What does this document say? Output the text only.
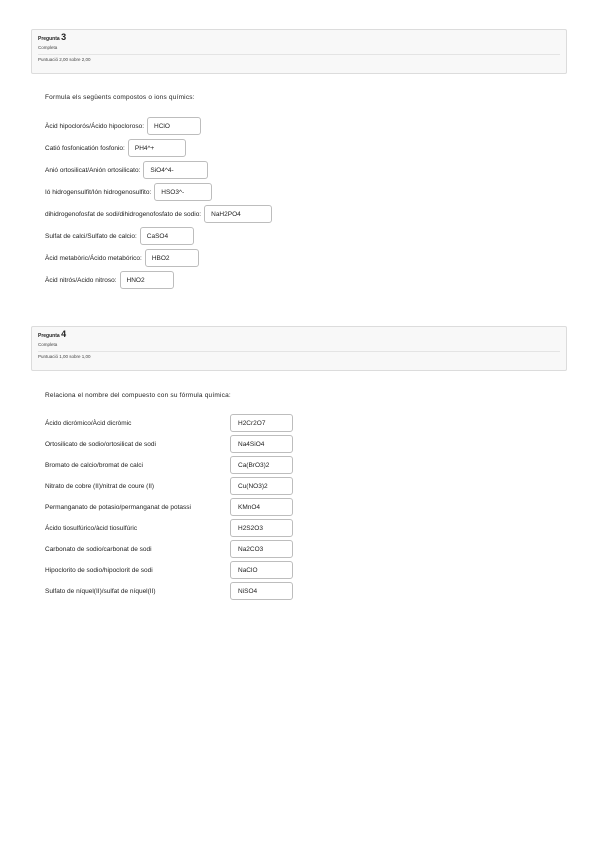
Pregunta 3
Completa
Puntuació 2,00 sobre 2,00
Formula els següents compostos o ions químics:
Àcid hipoclorós/Ácido hipocloroso:	HClO
Catió fosfonicatión fosfonio:	PH4^+
Anió ortosilicat/Anión ortosilicato:	SiO4^4-
Ió hidrogensulfit/Ión hidrogenosulfito:	HSO3^-
dihidrogenofosfat de sodi/dihidrogenofosfato de sodio:	NaH2PO4
Sulfat de calci/Sulfato de calcio:	CaSO4
Àcid metabòric/Ácido metabórico:	HBO2
Àcid nitrós/Acido nitroso:	HNO2
Pregunta 4
Completa
Puntuació 1,00 sobre 1,00
Relaciona el nombre del compuesto con su fórmula química:
Ácido dicrómico/Àcid dicròmic	H2Cr2O7
Ortosilicato de sodio/ortosilicat de sodi	Na4SiO4
Bromato de calcio/bromat de calci	Ca(BrO3)2
Nitrato de cobre (II)/nitrat de coure (II)	Cu(NO3)2
Permanganato de potasio/permanganat de potassi	KMnO4
Ácido tiosulfúrico/àcid tiosulfúric	H2S2O3
Carbonato de sodio/carbonat de sodi	Na2CO3
Hipoclorito de sodio/hipoclorit de sodi	NaClO
Sulfato de níquel(II)/sulfat de níquel(II)	NiSO4
